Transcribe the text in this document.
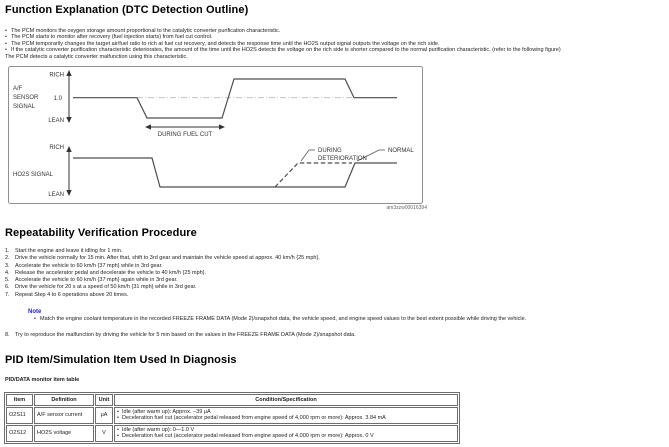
Function Explanation (DTC Detection Outline)
• The PCM monitors the oxygen storage amount proportional to the catalytic converter purification characteristic.
• The PCM starts to monitor after recovery (fuel injection starts) from fuel cut control.
• The PCM temporarily changes the target air/fuel ratio to rich at fuel cut recovery, and detects the response time until the HO2S output signal outputs the voltage on the rich side.
• If the catalytic converter purification characteristic deteriorates, the amount of the time until the HO2S detects the voltage on the rich side is shorter compared to the normal purification characteristic. (refer to the following figure)
The PCM detects a catalytic converter malfunction using this characteristic.
RICH
1.0
LEAN
A/F
SENSOR
SIGNAL
DURING FUEL CUT
RICH
LEAN
HO2S SIGNAL
DURING
DETERIORATION
NORMAL
am3zzw00016394
Repeatability Verification Procedure
1. Start the engine and leave it idling for 1 min.
2. Drive the vehicle normally for 15 min. After that, shift to 3rd gear and maintain the vehicle speed at approx. 40 km/h {25 mph}.
3. Accelerate the vehicle to 60 km/h {37 mph} while in 3rd gear.
4. Release the accelerator pedal and decelerate the vehicle to 40 km/h {25 mph}.
5. Accelerate the vehicle to 60 km/h {37 mph} again while in 3rd gear.
6. Drive the vehicle for 20 s at a speed of 50 km/h {31 mph} while in 3rd gear.
7. Repeat Step 4 to 6 operations above 20 times.
Note
• Match the engine coolant temperature in the recorded FREEZE FRAME DATA (Mode 2)/snapshot data, the vehicle speed, and engine speed values to the best extent possible while driving the vehicle.
8. Try to reproduce the malfunction by driving the vehicle for 5 min based on the values in the FREEZE FRAME DATA (Mode 2)/snapshot data.
PID Item/Simulation Item Used In Diagnosis
PID/DATA monitor item table
Item	Definition	Unit	Condition/Specification
O2S11	A/F sensor current	μA	• Idle (after warm up): Approx. −39 μA
• Deceleration fuel cut (accelerator pedal released from engine speed of 4,000 rpm or more): Approx. 3.84 mA

O2S12	HO2S voltage	V	• Idle (after warm up): 0—1.0 V
• Deceleration fuel cut (accelerator pedal released from engine speed of 4,000 rpm or more): Approx. 0 V
